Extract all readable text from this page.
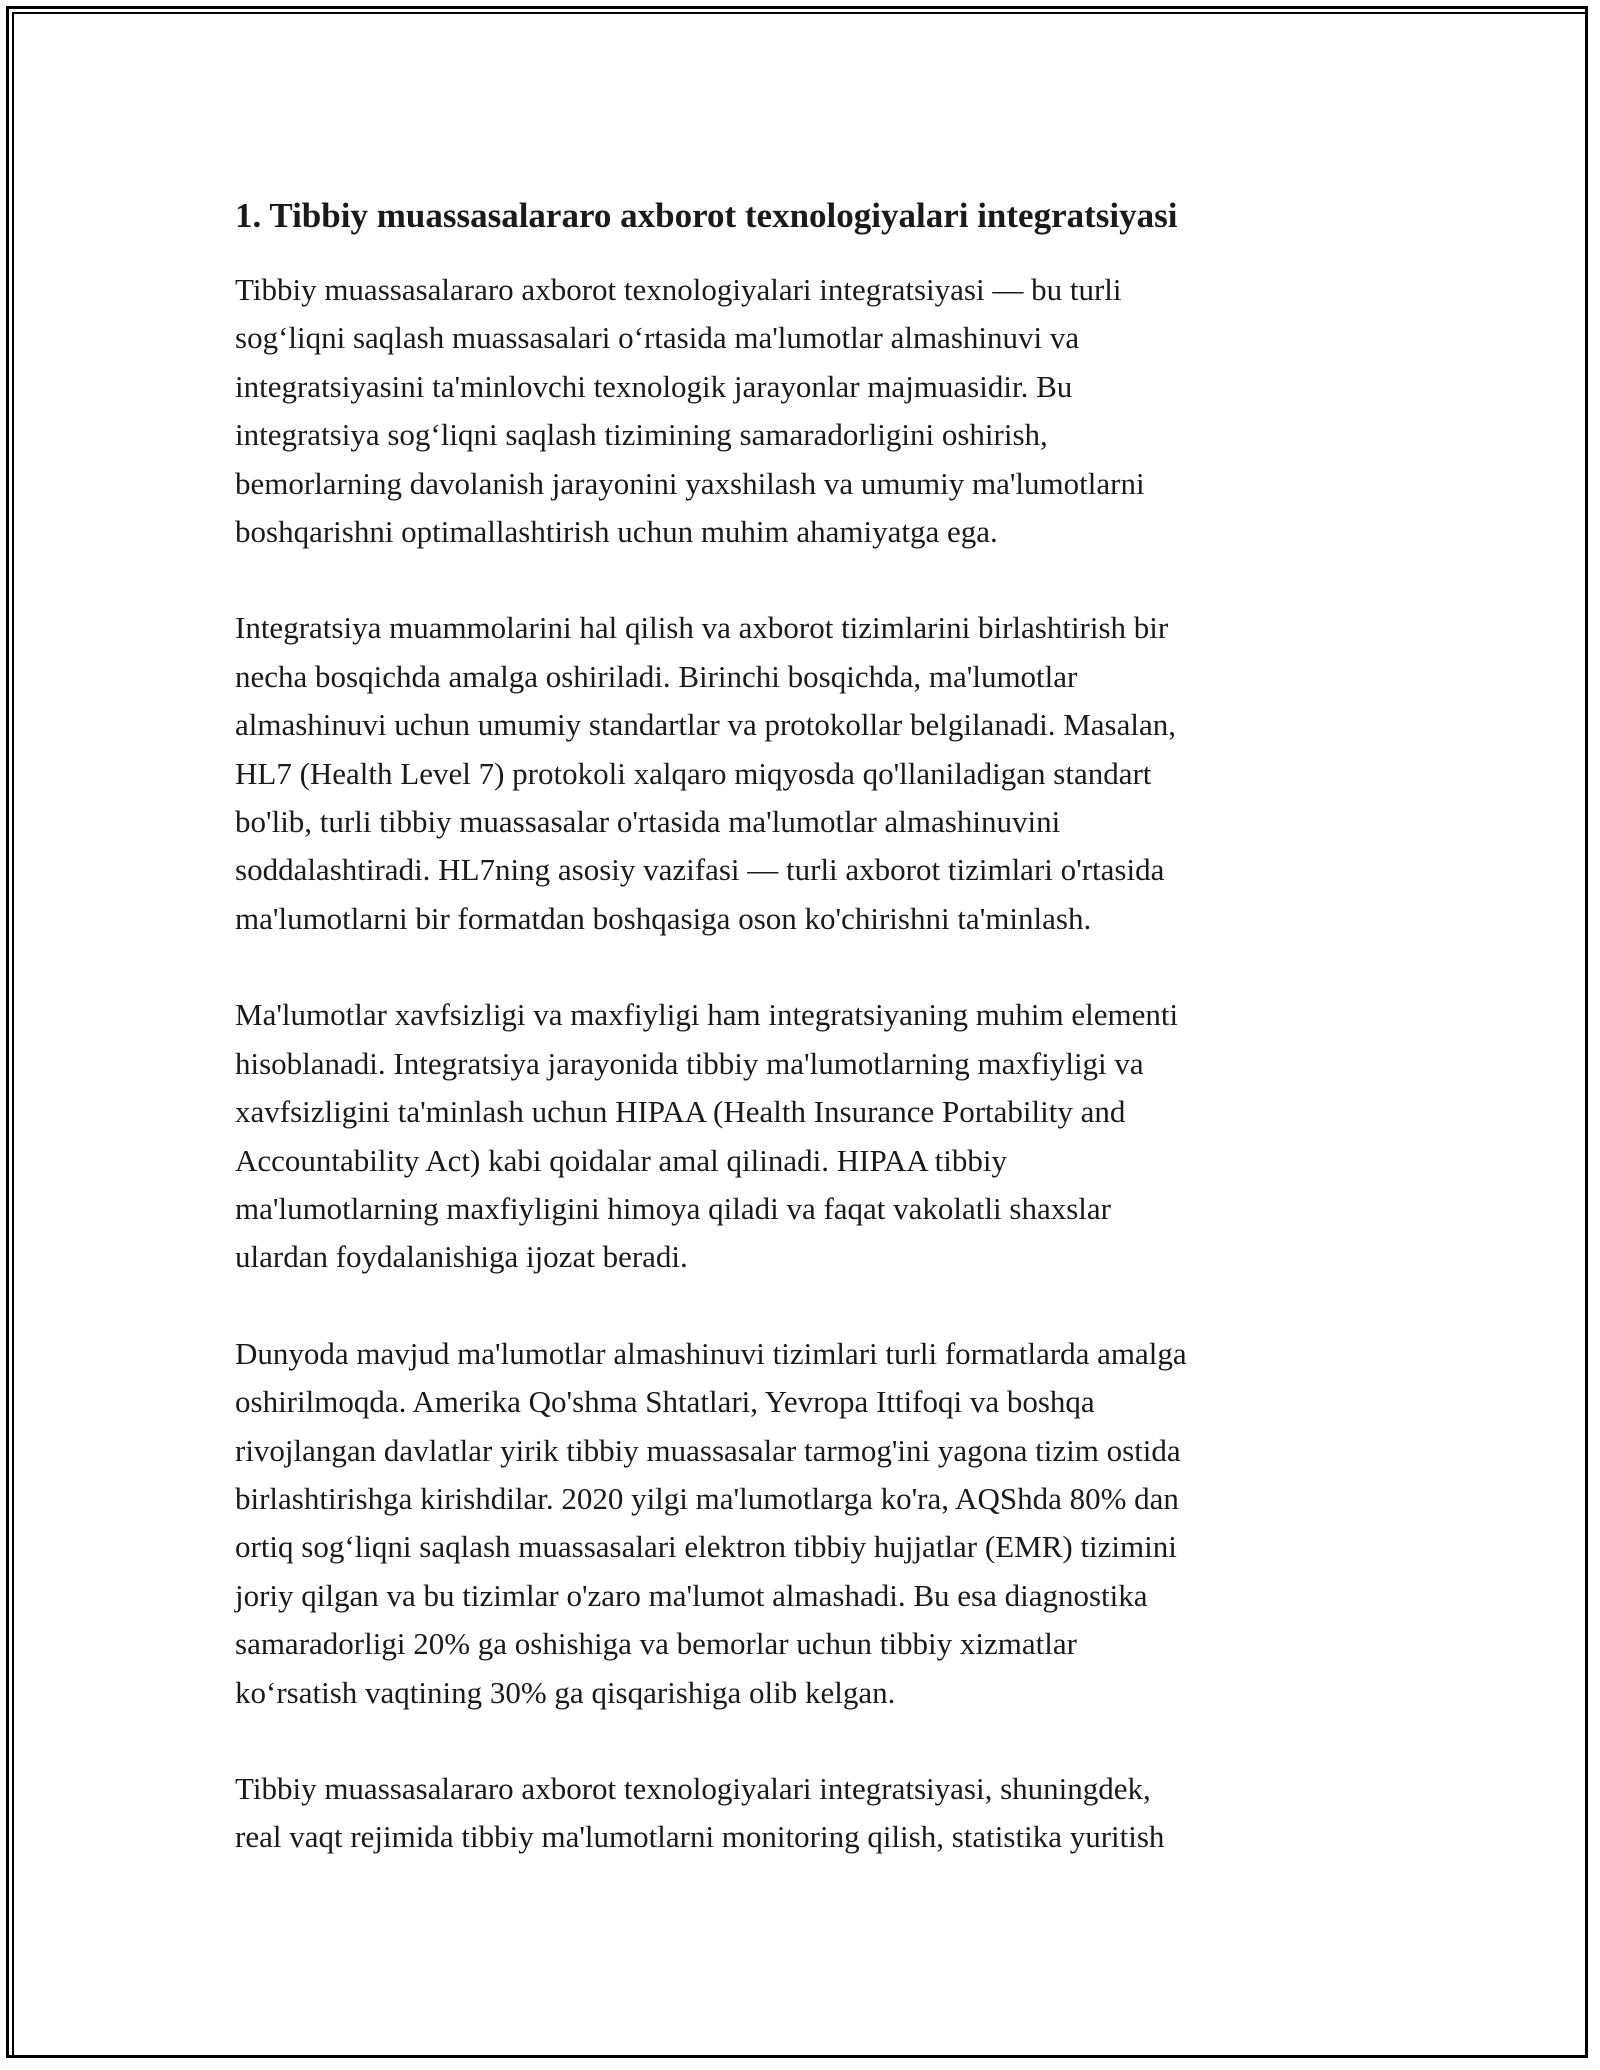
1. Tibbiy muassasalararo axborot texnologiyalari integratsiyasi

Tibbiy muassasalararo axborot texnologiyalari integratsiyasi — bu turli
sog‘liqni saqlash muassasalari o‘rtasida ma'lumotlar almashinuvi va
integratsiyasini ta'minlovchi texnologik jarayonlar majmuasidir. Bu
integratsiya sog‘liqni saqlash tizimining samaradorligini oshirish,
bemorlarning davolanish jarayonini yaxshilash va umumiy ma'lumotlarni
boshqarishni optimallashtirish uchun muhim ahamiyatga ega.

Integratsiya muammolarini hal qilish va axborot tizimlarini birlashtirish bir
necha bosqichda amalga oshiriladi. Birinchi bosqichda, ma'lumotlar
almashinuvi uchun umumiy standartlar va protokollar belgilanadi. Masalan,
HL7 (Health Level 7) protokoli xalqaro miqyosda qo'llaniladigan standart
bo'lib, turli tibbiy muassasalar o'rtasida ma'lumotlar almashinuvini
soddalashtiradi. HL7ning asosiy vazifasi — turli axborot tizimlari o'rtasida
ma'lumotlarni bir formatdan boshqasiga oson ko'chirishni ta'minlash.

Ma'lumotlar xavfsizligi va maxfiyligi ham integratsiyaning muhim elementi
hisoblanadi. Integratsiya jarayonida tibbiy ma'lumotlarning maxfiyligi va
xavfsizligini ta'minlash uchun HIPAA (Health Insurance Portability and
Accountability Act) kabi qoidalar amal qilinadi. HIPAA tibbiy
ma'lumotlarning maxfiyligini himoya qiladi va faqat vakolatli shaxslar
ulardan foydalanishiga ijozat beradi.

Dunyoda mavjud ma'lumotlar almashinuvi tizimlari turli formatlarda amalga
oshirilmoqda. Amerika Qo'shma Shtatlari, Yevropa Ittifoqi va boshqa
rivojlangan davlatlar yirik tibbiy muassasalar tarmog'ini yagona tizim ostida
birlashtirishga kirishdilar. 2020 yilgi ma'lumotlarga ko'ra, AQShda 80% dan
ortiq sog‘liqni saqlash muassasalari elektron tibbiy hujjatlar (EMR) tizimini
joriy qilgan va bu tizimlar o'zaro ma'lumot almashadi. Bu esa diagnostika
samaradorligi 20% ga oshishiga va bemorlar uchun tibbiy xizmatlar
ko‘rsatish vaqtining 30% ga qisqarishiga olib kelgan.

Tibbiy muassasalararo axborot texnologiyalari integratsiyasi, shuningdek,
real vaqt rejimida tibbiy ma'lumotlarni monitoring qilish, statistika yuritish
